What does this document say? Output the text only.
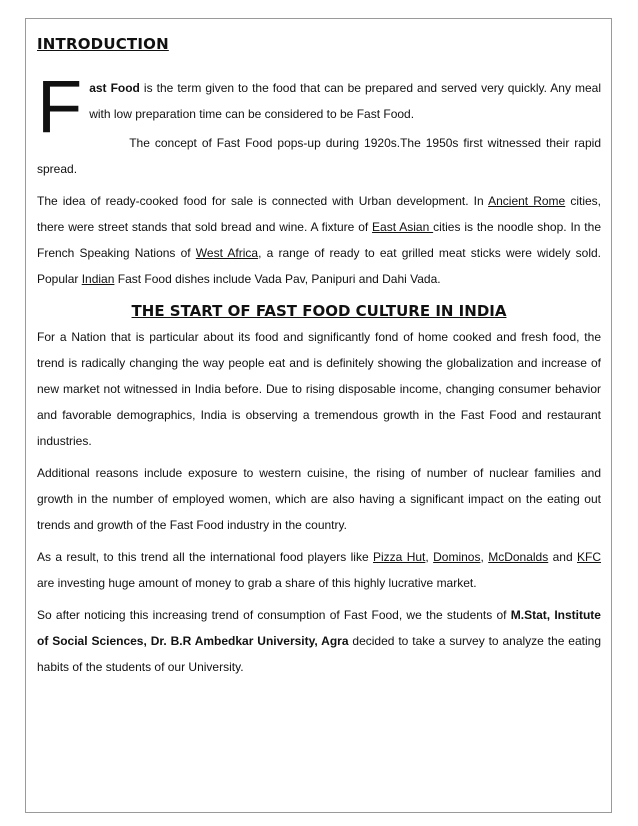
INTRODUCTION
F ast Food is the term given to the food that can be prepared and served very quickly. Any meal with low preparation time can be considered to be Fast Food.

The concept of Fast Food pops-up during 1920s.The 1950s first witnessed their rapid spread.

The idea of ready-cooked food for sale is connected with Urban development. In Ancient Rome cities, there were street stands that sold bread and wine. A fixture of East Asian cities is the noodle shop. In the French Speaking Nations of West Africa, a range of ready to eat grilled meat sticks were widely sold. Popular Indian Fast Food dishes include Vada Pav, Panipuri and Dahi Vada.

THE START OF FAST FOOD CULTURE IN INDIA

For a Nation that is particular about its food and significantly fond of home cooked and fresh food, the trend is radically changing the way people eat and is definitely showing the globalization and increase of new market not witnessed in India before. Due to rising disposable income, changing consumer behavior and favorable demographics, India is observing a tremendous growth in the Fast Food and restaurant industries.

Additional reasons include exposure to western cuisine, the rising of number of nuclear families and growth in the number of employed women, which are also having a significant impact on the eating out trends and growth of the Fast Food industry in the country.

As a result, to this trend all the international food players like Pizza Hut, Dominos, McDonalds and KFC are investing huge amount of money to grab a share of this highly lucrative market.

So after noticing this increasing trend of consumption of Fast Food, we the students of M.Stat, Institute of Social Sciences, Dr. B.R Ambedkar University, Agra decided to take a survey to analyze the eating habits of the students of our University.
